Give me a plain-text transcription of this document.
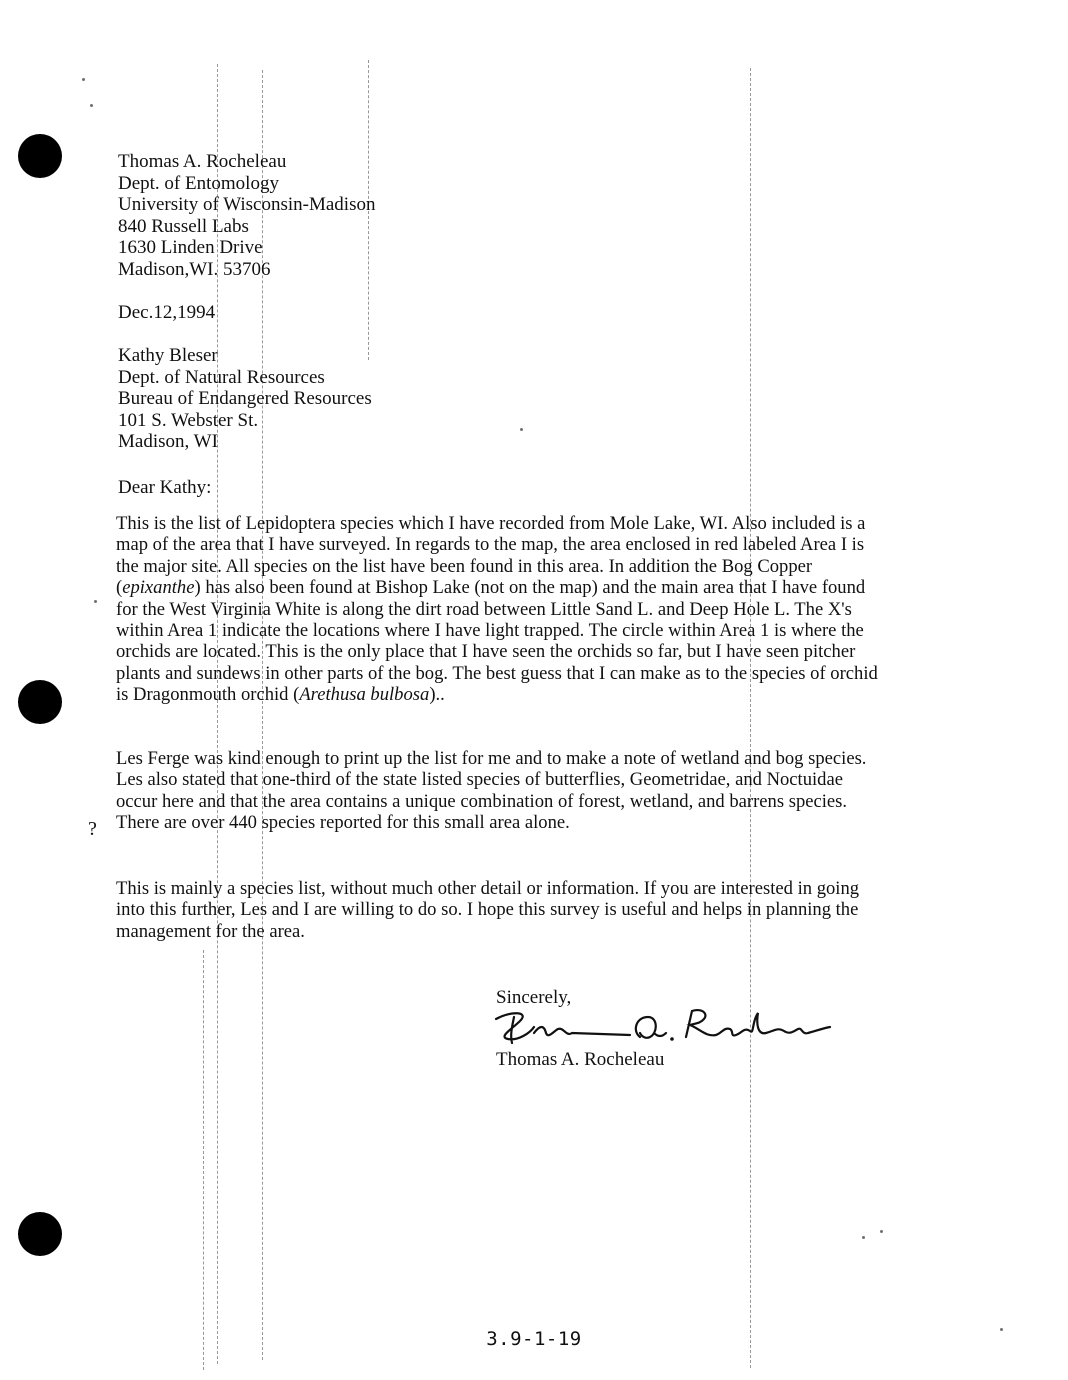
Thomas A. Rocheleau
Dept. of Entomology
University of Wisconsin-Madison
840 Russell Labs
1630 Linden Drive
Madison,WI. 53706
Dec.12,1994
Kathy Bleser
Dept. of Natural Resources
Bureau of Endangered Resources
101 S. Webster St.
Madison, WI
Dear Kathy:

This is the list of Lepidoptera species which I have recorded from Mole Lake, WI. Also included is a map of the area that I have surveyed. In regards to the map, the area enclosed in red labeled Area I is the major site. All species on the list have been found in this area. In addition the Bog Copper (epixanthe) has also been found at Bishop Lake (not on the map) and the main area that I have found for the West Virginia White is along the dirt road between Little Sand L. and Deep Hole L. The X's within Area 1 indicate the locations where I have light trapped. The circle within Area 1 is where the orchids are located. This is the only place that I have seen the orchids so far, but I have seen pitcher plants and sundews in other parts of the bog. The best guess that I can make as to the species of orchid is Dragonmouth orchid (Arethusa bulbosa)..

Les Ferge was kind enough to print up the list for me and to make a note of wetland and bog species. Les also stated that one-third of the state listed species of butterflies, Geometridae, and Noctuidae occur here and that the area contains a unique combination of forest, wetland, and barrens species. There are over 440 species reported for this small area alone.

This is mainly a species list, without much other detail or information. If you are interested in going into this further, Les and I are willing to do so. I hope this survey is useful and helps in planning the management for the area.

?
Sincerely,
Thomas A. Rocheleau
3.9-1-19
